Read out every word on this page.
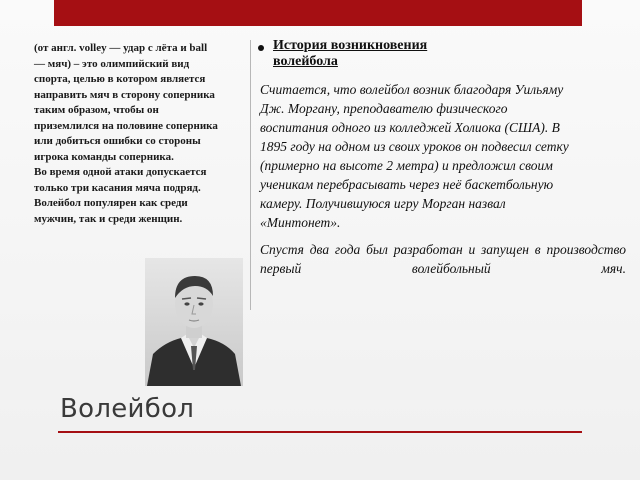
(от англ. volley — удар с лёта и ball — мяч) – это олимпийский вид спорта, целью в котором является направить мяч в сторону соперника таким образом, чтобы он приземлился на половине соперника или добиться ошибки со стороны игрока команды соперника.

Во время одной атаки допускается только три касания мяча подряд.

Волейбол популярен как среди мужчин, так и среди женщин.

История возникновения волейбола

Считается, что волейбол возник благодаря Уильяму Дж. Моргану, преподавателю физического воспитания одного из колледжей Холиока (США). В 1895 году на одном из своих уроков он подвесил сетку (примерно на высоте 2 метра) и предложил своим ученикам перебрасывать через неё баскетбольную камеру. Получившуюся игру Морган назвал «Минтонет».

Спустя два года был разработан и запущен в производство первый волейбольный мяч.

Волейбол
